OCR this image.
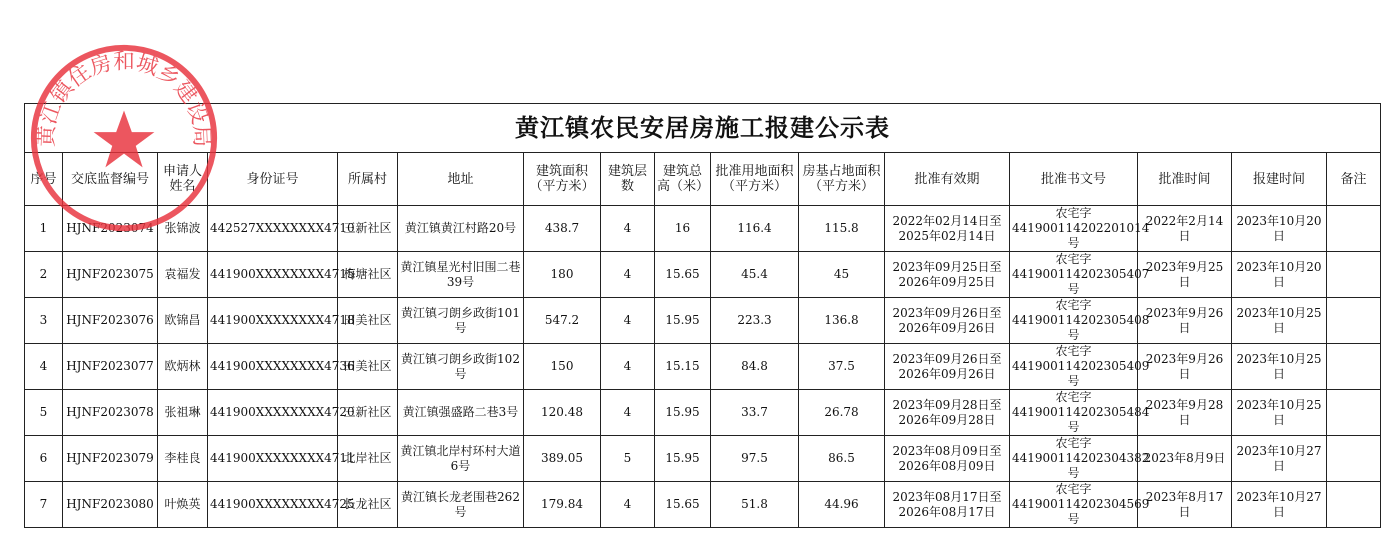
黄江镇农民安居房施工报建公示表															
序号	交底监督编号	申请人姓名	身份证号	所属村	地址	建筑面积（平方米）	建筑层数	建筑总高（米）	批准用地面积（平方米）	房基占地面积（平方米）	批准有效期	批准书文号	批准时间	报建时间	备注
1	HJNF2023074	张锦波	442527XXXXXXXX4710	三新社区	黄江镇黄江村路20号	438.7	4	16	116.4	115.8	2022年02月14日至2025年02月14日	农宅字 441900114202201014号	2022年2月14日	2023年10月20日	
2	HJNF2023075	袁福发	441900XXXXXXXX4715	梅塘社区	黄江镇星光村旧围二巷39号	180	4	15.65	45.4	45	2023年09月25日至2026年09月25日	农宅字 441900114202305407号	2023年9月25日	2023年10月20日	
3	HJNF2023076	欧锦昌	441900XXXXXXXX4718	田美社区	黄江镇刁朗乡政街101号	547.2	4	15.95	223.3	136.8	2023年09月26日至2026年09月26日	农宅字 441900114202305408号	2023年9月26日	2023年10月25日	
4	HJNF2023077	欧炳林	441900XXXXXXXX4736	田美社区	黄江镇刁朗乡政街102号	150	4	15.15	84.8	37.5	2023年09月26日至2026年09月26日	农宅字 441900114202305409号	2023年9月26日	2023年10月25日	
5	HJNF2023078	张祖琳	441900XXXXXXXX4720	三新社区	黄江镇强盛路二巷3号	120.48	4	15.95	33.7	26.78	2023年09月28日至2026年09月28日	农宅字 441900114202305484号	2023年9月28日	2023年10月25日	
6	HJNF2023079	李桂良	441900XXXXXXXX4711	北岸社区	黄江镇北岸村环村大道6号	389.05	5	15.95	97.5	86.5	2023年08月09日至2026年08月09日	农宅字 441900114202304382号	2023年8月9日	2023年10月27日	
7	HJNF2023080	叶焕英	441900XXXXXXXX4725	长龙社区	黄江镇长龙老围巷262号	179.84	4	15.65	51.8	44.96	2023年08月17日至2026年08月17日	农宅字 441900114202304569号	2023年8月17日	2023年10月27日	
黄江镇住房和城乡建设局
